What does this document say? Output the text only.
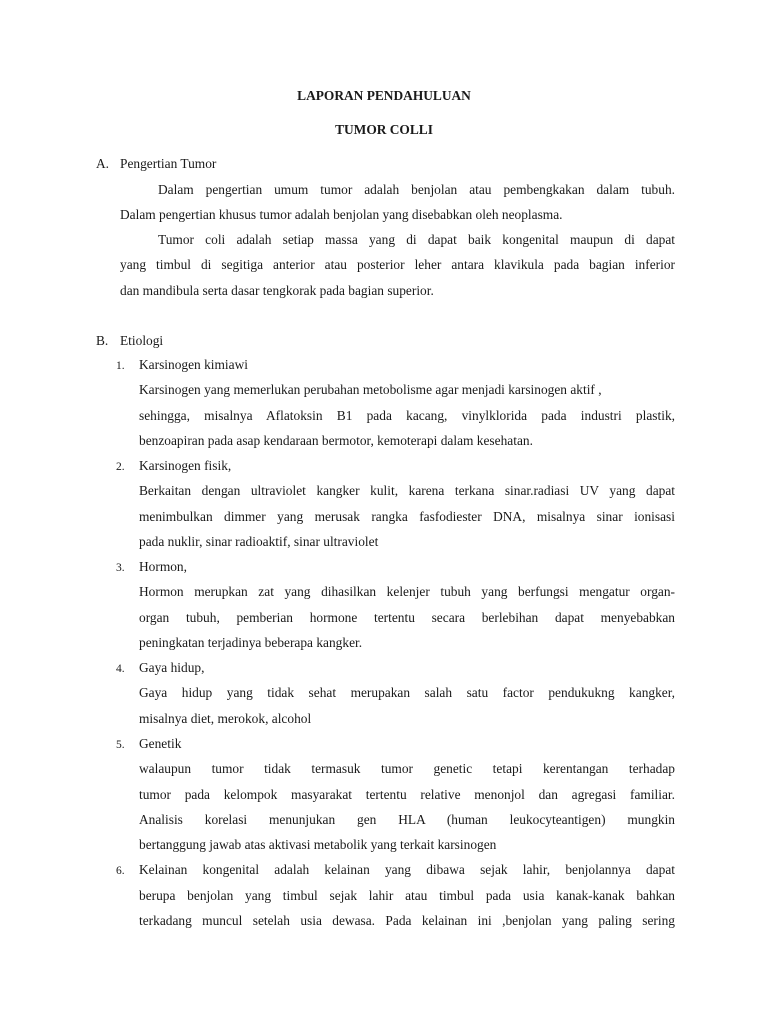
LAPORAN PENDAHULUAN
TUMOR COLLI
A. Pengertian Tumor
Dalam pengertian umum tumor adalah benjolan atau pembengkakan dalam tubuh.
Dalam pengertian khusus tumor adalah benjolan yang disebabkan oleh neoplasma.
Tumor coli adalah setiap massa yang di dapat baik kongenital maupun di dapat
yang timbul di segitiga anterior atau posterior leher antara klavikula pada bagian inferior
dan mandibula serta dasar tengkorak pada bagian superior.
B. Etiologi
1. Karsinogen kimiawi
Karsinogen yang memerlukan perubahan metobolisme agar menjadi karsinogen aktif ,
sehingga, misalnya Aflatoksin B1 pada kacang, vinylklorida pada industri plastik,
benzoapiran pada asap kendaraan bermotor, kemoterapi dalam kesehatan.
2. Karsinogen fisik,
Berkaitan dengan ultraviolet kangker kulit, karena terkana sinar.radiasi UV yang dapat
menimbulkan dimmer yang merusak rangka fasfodiester DNA, misalnya sinar ionisasi
pada nuklir, sinar radioaktif, sinar ultraviolet
3. Hormon,
Hormon merupkan zat yang dihasilkan kelenjer tubuh yang berfungsi mengatur organ-
organ tubuh, pemberian hormone tertentu secara berlebihan dapat menyebabkan
peningkatan terjadinya beberapa kangker.
4. Gaya hidup,
Gaya hidup yang tidak sehat merupakan salah satu factor pendukukng kangker,
misalnya diet, merokok, alcohol
5. Genetik
walaupun tumor tidak termasuk tumor genetic tetapi kerentangan terhadap
tumor pada kelompok masyarakat tertentu relative menonjol dan agregasi familiar.
Analisis korelasi menunjukan gen HLA (human leukocyteantigen) mungkin
bertanggung jawab atas aktivasi metabolik yang terkait karsinogen
6. Kelainan kongenital adalah kelainan yang dibawa sejak lahir, benjolannya dapat
berupa benjolan yang timbul sejak lahir atau timbul pada usia kanak-kanak bahkan
terkadang muncul setelah usia dewasa. Pada kelainan ini ,benjolan yang paling sering
